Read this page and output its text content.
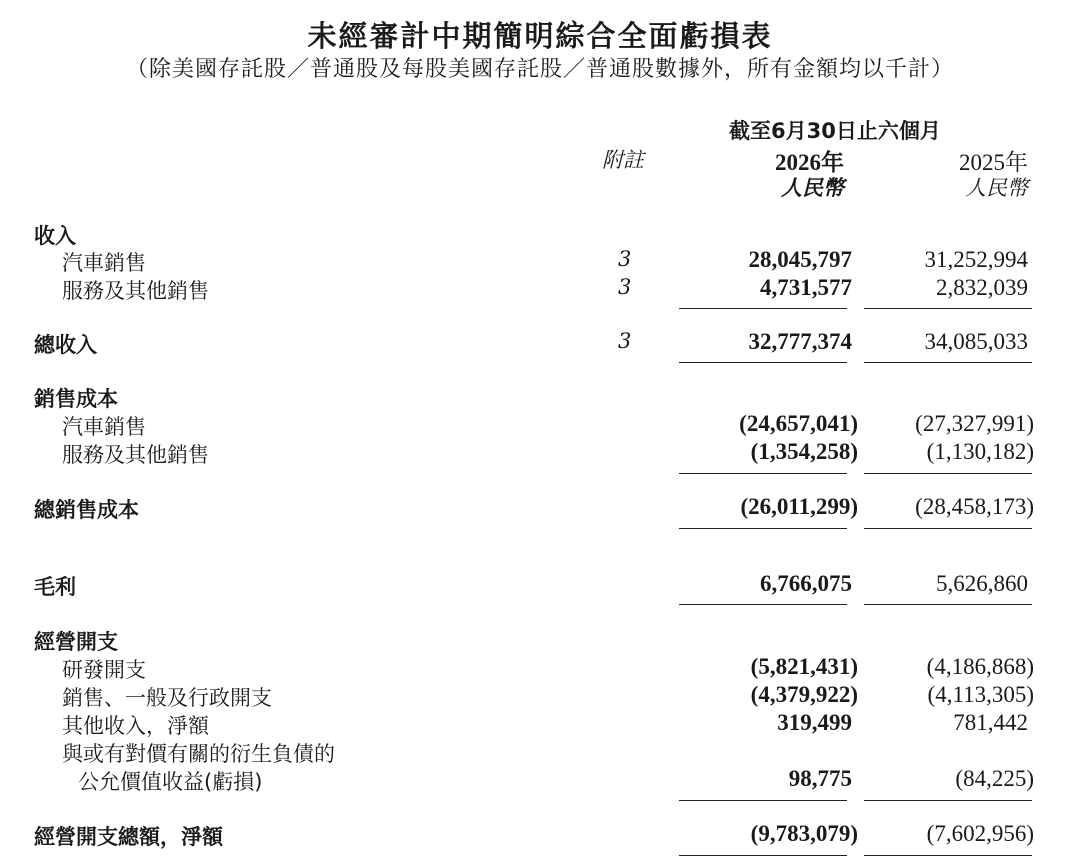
未經審計中期簡明綜合全面虧損表
（除美國存託股／普通股及每股美國存託股／普通股數據外，所有金額均以千計）
截至6月30日止六個月
附註	2026年	2025年
人民幣	人民幣
收入
汽車銷售	3	28,045,797	31,252,994
服務及其他銷售	3	4,731,577	2,832,039
總收入	3	32,777,374	34,085,033
銷售成本
汽車銷售	(24,657,041) (27,327,991)
服務及其他銷售	(1,354,258)	(1,130,182)
總銷售成本	(26,011,299) (28,458,173)
毛利	6,766,075	5,626,860
經營開支
研發開支	(5,821,431)	(4,186,868)
銷售、一般及行政開支	(4,379,922)	(4,113,305)
其他收入，淨額	319,499	781,442
與或有對價有關的衍生負債的
公允價值收益(虧損)	98,775	(84,225)
經營開支總額，淨額	(9,783,079)	(7,602,956)
